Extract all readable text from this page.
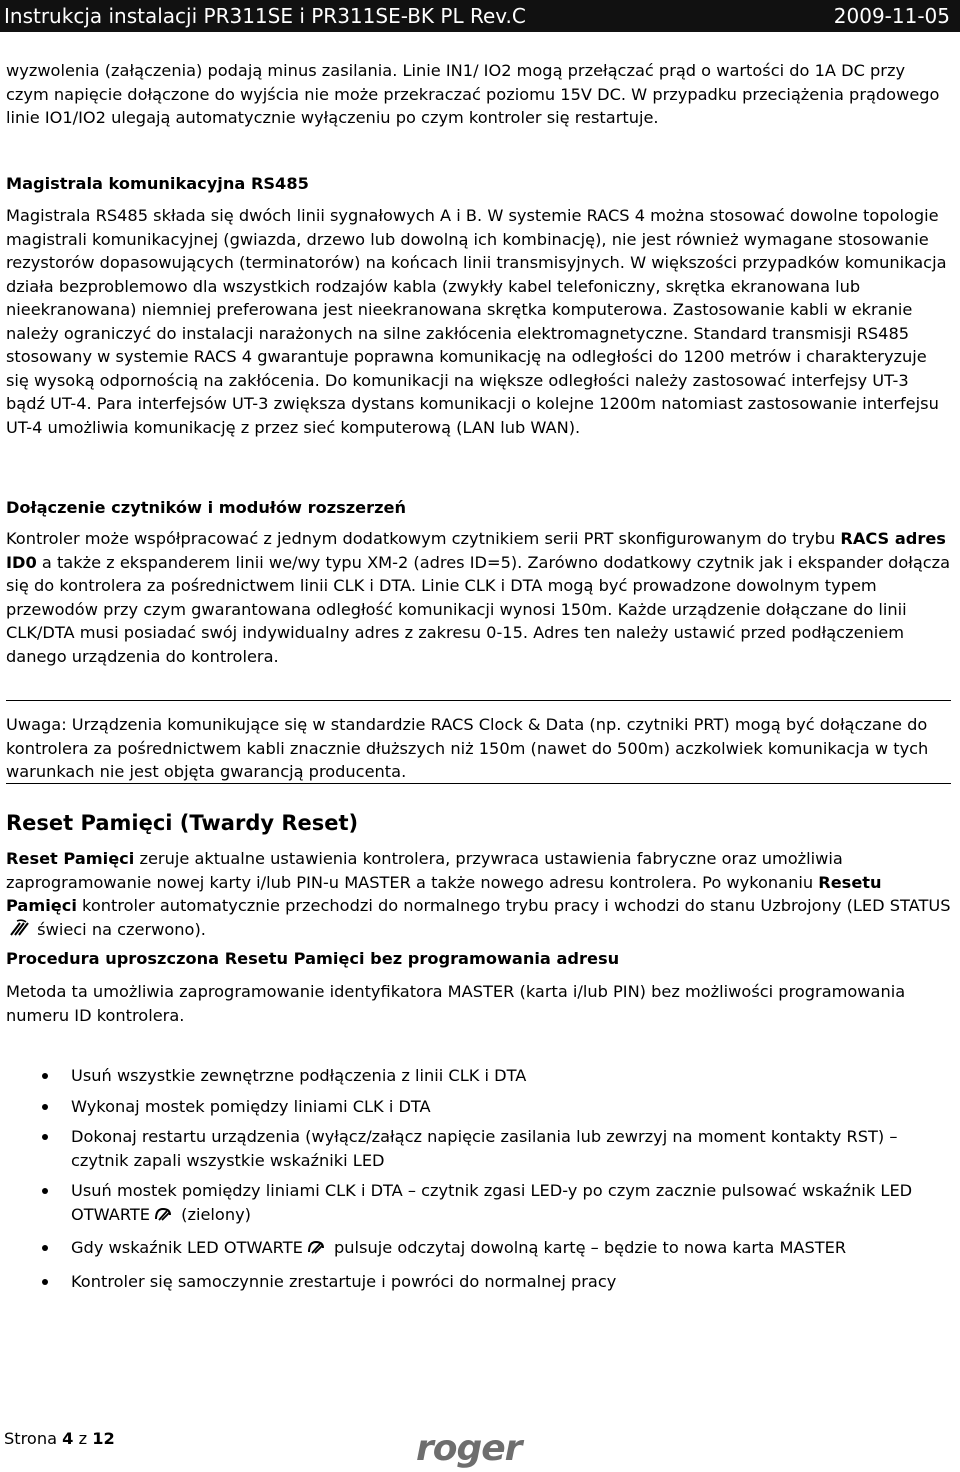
Instrukcja instalacji PR311SE i PR311SE-BK PL Rev.C	2009-11-05

wyzwolenia (załączenia) podają minus zasilania. Linie IN1/ IO2 mogą przełączać prąd o wartości do 1A DC przy czym napięcie dołączone do wyjścia nie może przekraczać poziomu 15V DC. W przypadku przeciążenia prądowego linie IO1/IO2 ulegają automatycznie wyłączeniu po czym kontroler się restartuje.

Magistrala komunikacyjna RS485

Magistrala RS485 składa się dwóch linii sygnałowych A i B. W systemie RACS 4 można stosować dowolne topologie magistrali komunikacyjnej (gwiazda, drzewo lub dowolną ich kombinację), nie jest również wymagane stosowanie rezystorów dopasowujących (terminatorów) na końcach linii transmisyjnych. W większości przypadków komunikacja działa bezproblemowo dla wszystkich rodzajów kabla (zwykły kabel telefoniczny, skrętka ekranowana lub nieekranowana) niemniej preferowana jest nieekranowana skrętka komputerowa. Zastosowanie kabli w ekranie należy ograniczyć do instalacji narażonych na silne zakłócenia elektromagnetyczne. Standard transmisji RS485 stosowany w systemie RACS 4 gwarantuje poprawna komunikację na odległości do 1200 metrów i charakteryzuje się wysoką odpornością na zakłócenia. Do komunikacji na większe odległości należy zastosować interfejsy UT-3 bądź UT-4. Para interfejsów UT-3 zwiększa dystans komunikacji o kolejne 1200m natomiast zastosowanie interfejsu UT-4 umożliwia komunikację z przez sieć komputerową (LAN lub WAN).

Dołączenie czytników i modułów rozszerzeń

Kontroler może współpracować z jednym dodatkowym czytnikiem serii PRT skonfigurowanym do trybu RACS adres ID0 a także z ekspanderem linii we/wy typu XM-2 (adres ID=5). Zarówno dodatkowy czytnik jak i ekspander dołącza się do kontrolera za pośrednictwem linii CLK i DTA. Linie CLK i DTA mogą być prowadzone dowolnym typem przewodów przy czym gwarantowana odległość komunikacji wynosi 150m. Każde urządzenie dołączane do linii CLK/DTA musi posiadać swój indywidualny adres z zakresu 0-15. Adres ten należy ustawić przed podłączeniem danego urządzenia do kontrolera.

Uwaga: Urządzenia komunikujące się w standardzie RACS Clock & Data (np. czytniki PRT) mogą być dołączane do kontrolera za pośrednictwem kabli znacznie dłuższych niż 150m (nawet do 500m) aczkolwiek komunikacja w tych warunkach nie jest objęta gwarancją producenta.

Reset Pamięci (Twardy Reset)

Reset Pamięci zeruje aktualne ustawienia kontrolera, przywraca ustawienia fabryczne oraz umożliwia zaprogramowanie nowej karty i/lub PIN-u MASTER a także nowego adresu kontrolera. Po wykonaniu Resetu Pamięci kontroler automatycznie przechodzi do normalnego trybu pracy i wchodzi do stanu Uzbrojony (LED STATUS świeci na czerwono).

Procedura uproszczona Resetu Pamięci bez programowania adresu

Metoda ta umożliwia zaprogramowanie identyfikatora MASTER (karta i/lub PIN) bez możliwości programowania numeru ID kontrolera.

Usuń wszystkie zewnętrzne podłączenia z linii CLK i DTA
Wykonaj mostek pomiędzy liniami CLK i DTA
Dokonaj restartu urządzenia (wyłącz/załącz napięcie zasilania lub zewrzyj na moment kontakty RST) – czytnik zapali wszystkie wskaźniki LED
Usuń mostek pomiędzy liniami CLK i DTA – czytnik zgasi LED-y po czym zacznie pulsować wskaźnik LED OTWARTE (zielony)
Gdy wskaźnik LED OTWARTE pulsuje odczytaj dowolną kartę – będzie to nowa karta MASTER
Kontroler się samoczynnie zrestartuje i powróci do normalnej pracy
Strona 4 z 12	roger
